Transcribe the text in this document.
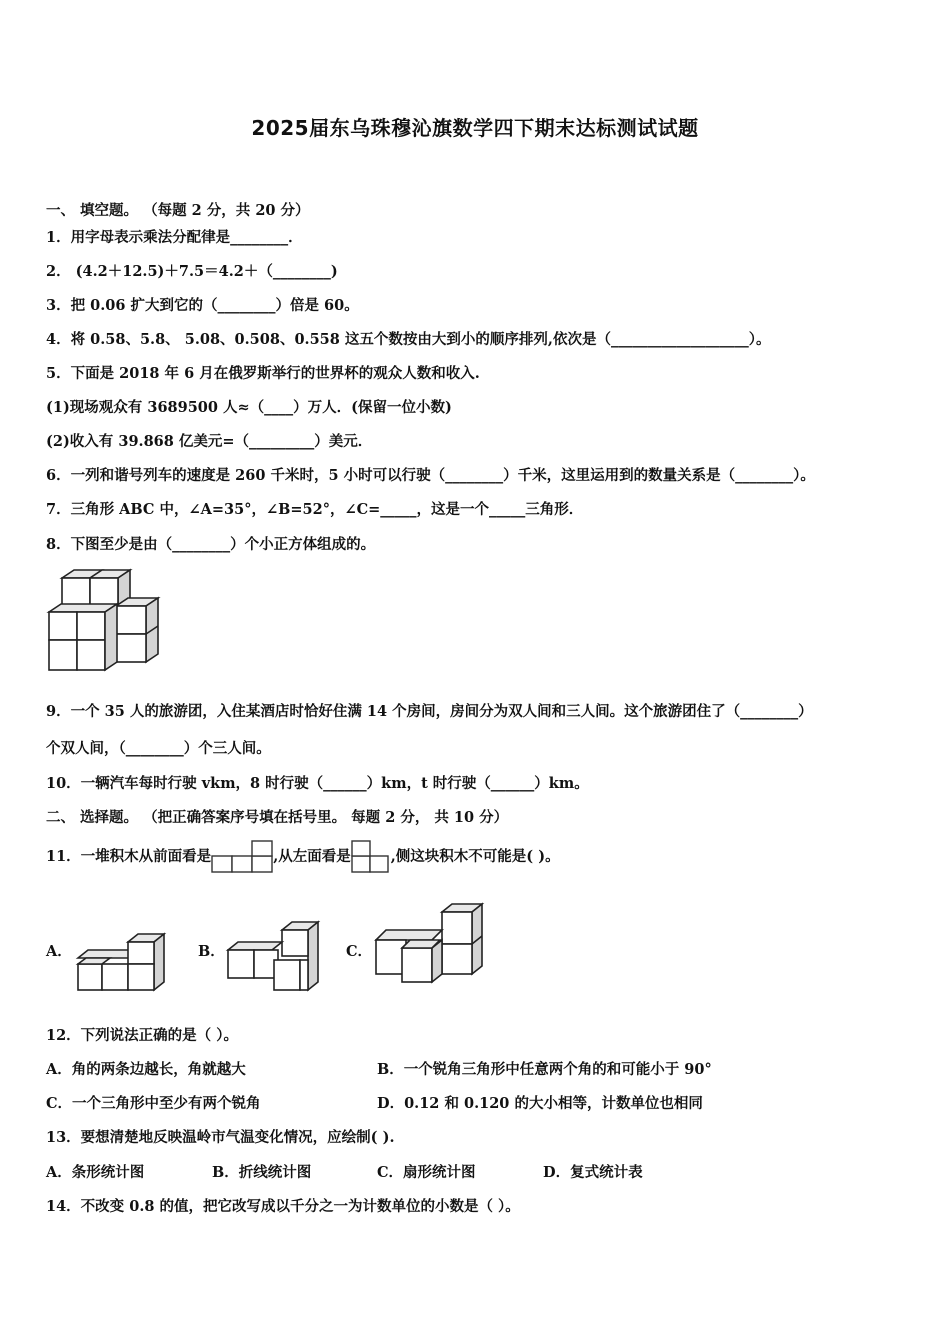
2025届东乌珠穆沁旗数学四下期末达标测试试题
一、 填空题。 （每题 2 分，共 20 分）
1．用字母表示乘法分配律是________．
2． (4.2＋12.5)＋7.5＝4.2＋（________)
3．把 0.06 扩大到它的（________）倍是 60。
4．将 0.58、5.8、 5.08、0.508、0.558 这五个数按由大到小的顺序排列,依次是（___________________）。
5．下面是 2018 年 6 月在俄罗斯举行的世界杯的观众人数和收入.
(1)现场观众有 3689500 人≈（____）万人．(保留一位小数)
(2)收入有 39.868 亿美元=（_________）美元．
6．一列和谐号列车的速度是 260 千米时，5 小时可以行驶（________）千米，这里运用到的数量关系是（________）。
7．三角形 ABC 中，∠A=35°，∠B=52°，∠C=_____，这是一个_____三角形．
8．下图至少是由（________）个小正方体组成的。
9．一个 35 人的旅游团，入住某酒店时恰好住满 14 个房间，房间分为双人间和三人间。这个旅游团住了（________）
个双人间，（________）个三人间。
10．一辆汽车每时行驶 vkm，8 时行驶（______）km，t 时行驶（______）km。
二、 选择题。 （把正确答案序号填在括号里。 每题 2 分， 共 10 分）
11．一堆积木从前面看是	,从左面看是	,侧这块积木不可能是( )。
A．	B．	C．
12．下列说法正确的是（ ）。
A．角的两条边越长，角就越大	B．一个锐角三角形中任意两个角的和可能小于 90°
C．一个三角形中至少有两个锐角	D．0.12 和 0.120 的大小相等，计数单位也相同
13．要想清楚地反映温岭市气温变化情况，应绘制( ).
A．条形统计图	B．折线统计图	C．扇形统计图	D．复式统计表
14．不改变 0.8 的值，把它改写成以千分之一为计数单位的小数是（ ）。
